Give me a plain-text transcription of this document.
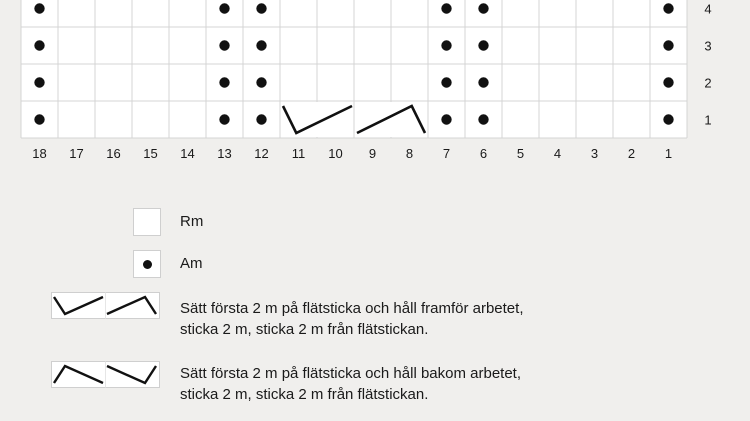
18 17 16 15 14 13 12 11 10 9 8 7 6 5 4 3 2 1
4
3
2
1
Rm
Am
Sätt första 2 m på flätsticka och håll framför arbetet,
sticka 2 m, sticka 2 m från flätstickan.
Sätt första 2 m på flätsticka och håll bakom arbetet,
sticka 2 m, sticka 2 m från flätstickan.
